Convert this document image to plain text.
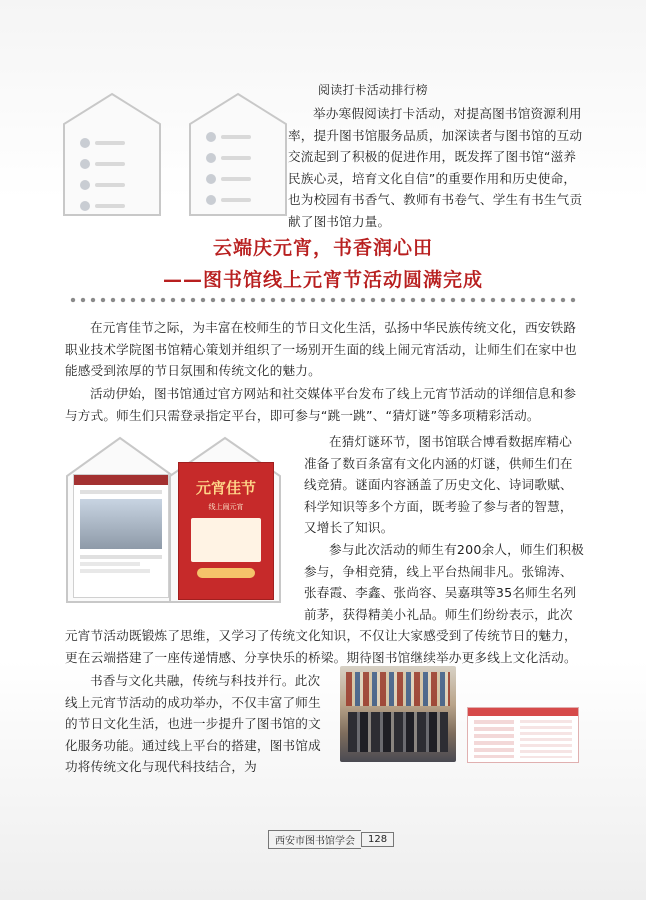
阅读打卡活动排行榜

举办寒假阅读打卡活动，对提高图书馆资源利用率，提升图书馆服务品质，加深读者与图书馆的互动交流起到了积极的促进作用，既发挥了图书馆“滋养民族心灵，培育文化自信”的重要作用和历史使命，也为校园有书香气、教师有书卷气、学生有书生气贡献了图书馆力量。

云端庆元宵，书香润心田
——图书馆线上元宵节活动圆满完成

在元宵佳节之际，为丰富在校师生的节日文化生活，弘扬中华民族传统文化，西安铁路职业技术学院图书馆精心策划并组织了一场别开生面的线上闹元宵活动，让师生们在家中也能感受到浓厚的节日氛围和传统文化的魅力。

活动伊始，图书馆通过官方网站和社交媒体平台发布了线上元宵节活动的详细信息和参与方式。师生们只需登录指定平台，即可参与“跳一跳”、“猜灯谜”等多项精彩活动。

元宵佳节
线上闹元宵

在猜灯谜环节，图书馆联合博看数据库精心准备了数百条富有文化内涵的灯谜，供师生们在线竞猜。谜面内容涵盖了历史文化、诗词歌赋、科学知识等多个方面，既考验了参与者的智慧，又增长了知识。

参与此次活动的师生有200余人，师生们积极参与，争相竞猜，线上平台热闹非凡。张锦涛、张春霞、李鑫、张尚容、吴嘉琪等35名师生名列前茅，获得精美小礼品。师生们纷纷表示，此次

元宵节活动既锻炼了思维，又学习了传统文化知识，不仅让大家感受到了传统节日的魅力，更在云端搭建了一座传递情感、分享快乐的桥梁。期待图书馆继续举办更多线上文化活动。

书香与文化共融，传统与科技并行。此次线上元宵节活动的成功举办，不仅丰富了师生的节日文化生活，也进一步提升了图书馆的文化服务功能。通过线上平台的搭建，图书馆成功将传统文化与现代科技结合，为

西安市图书馆学会	128
